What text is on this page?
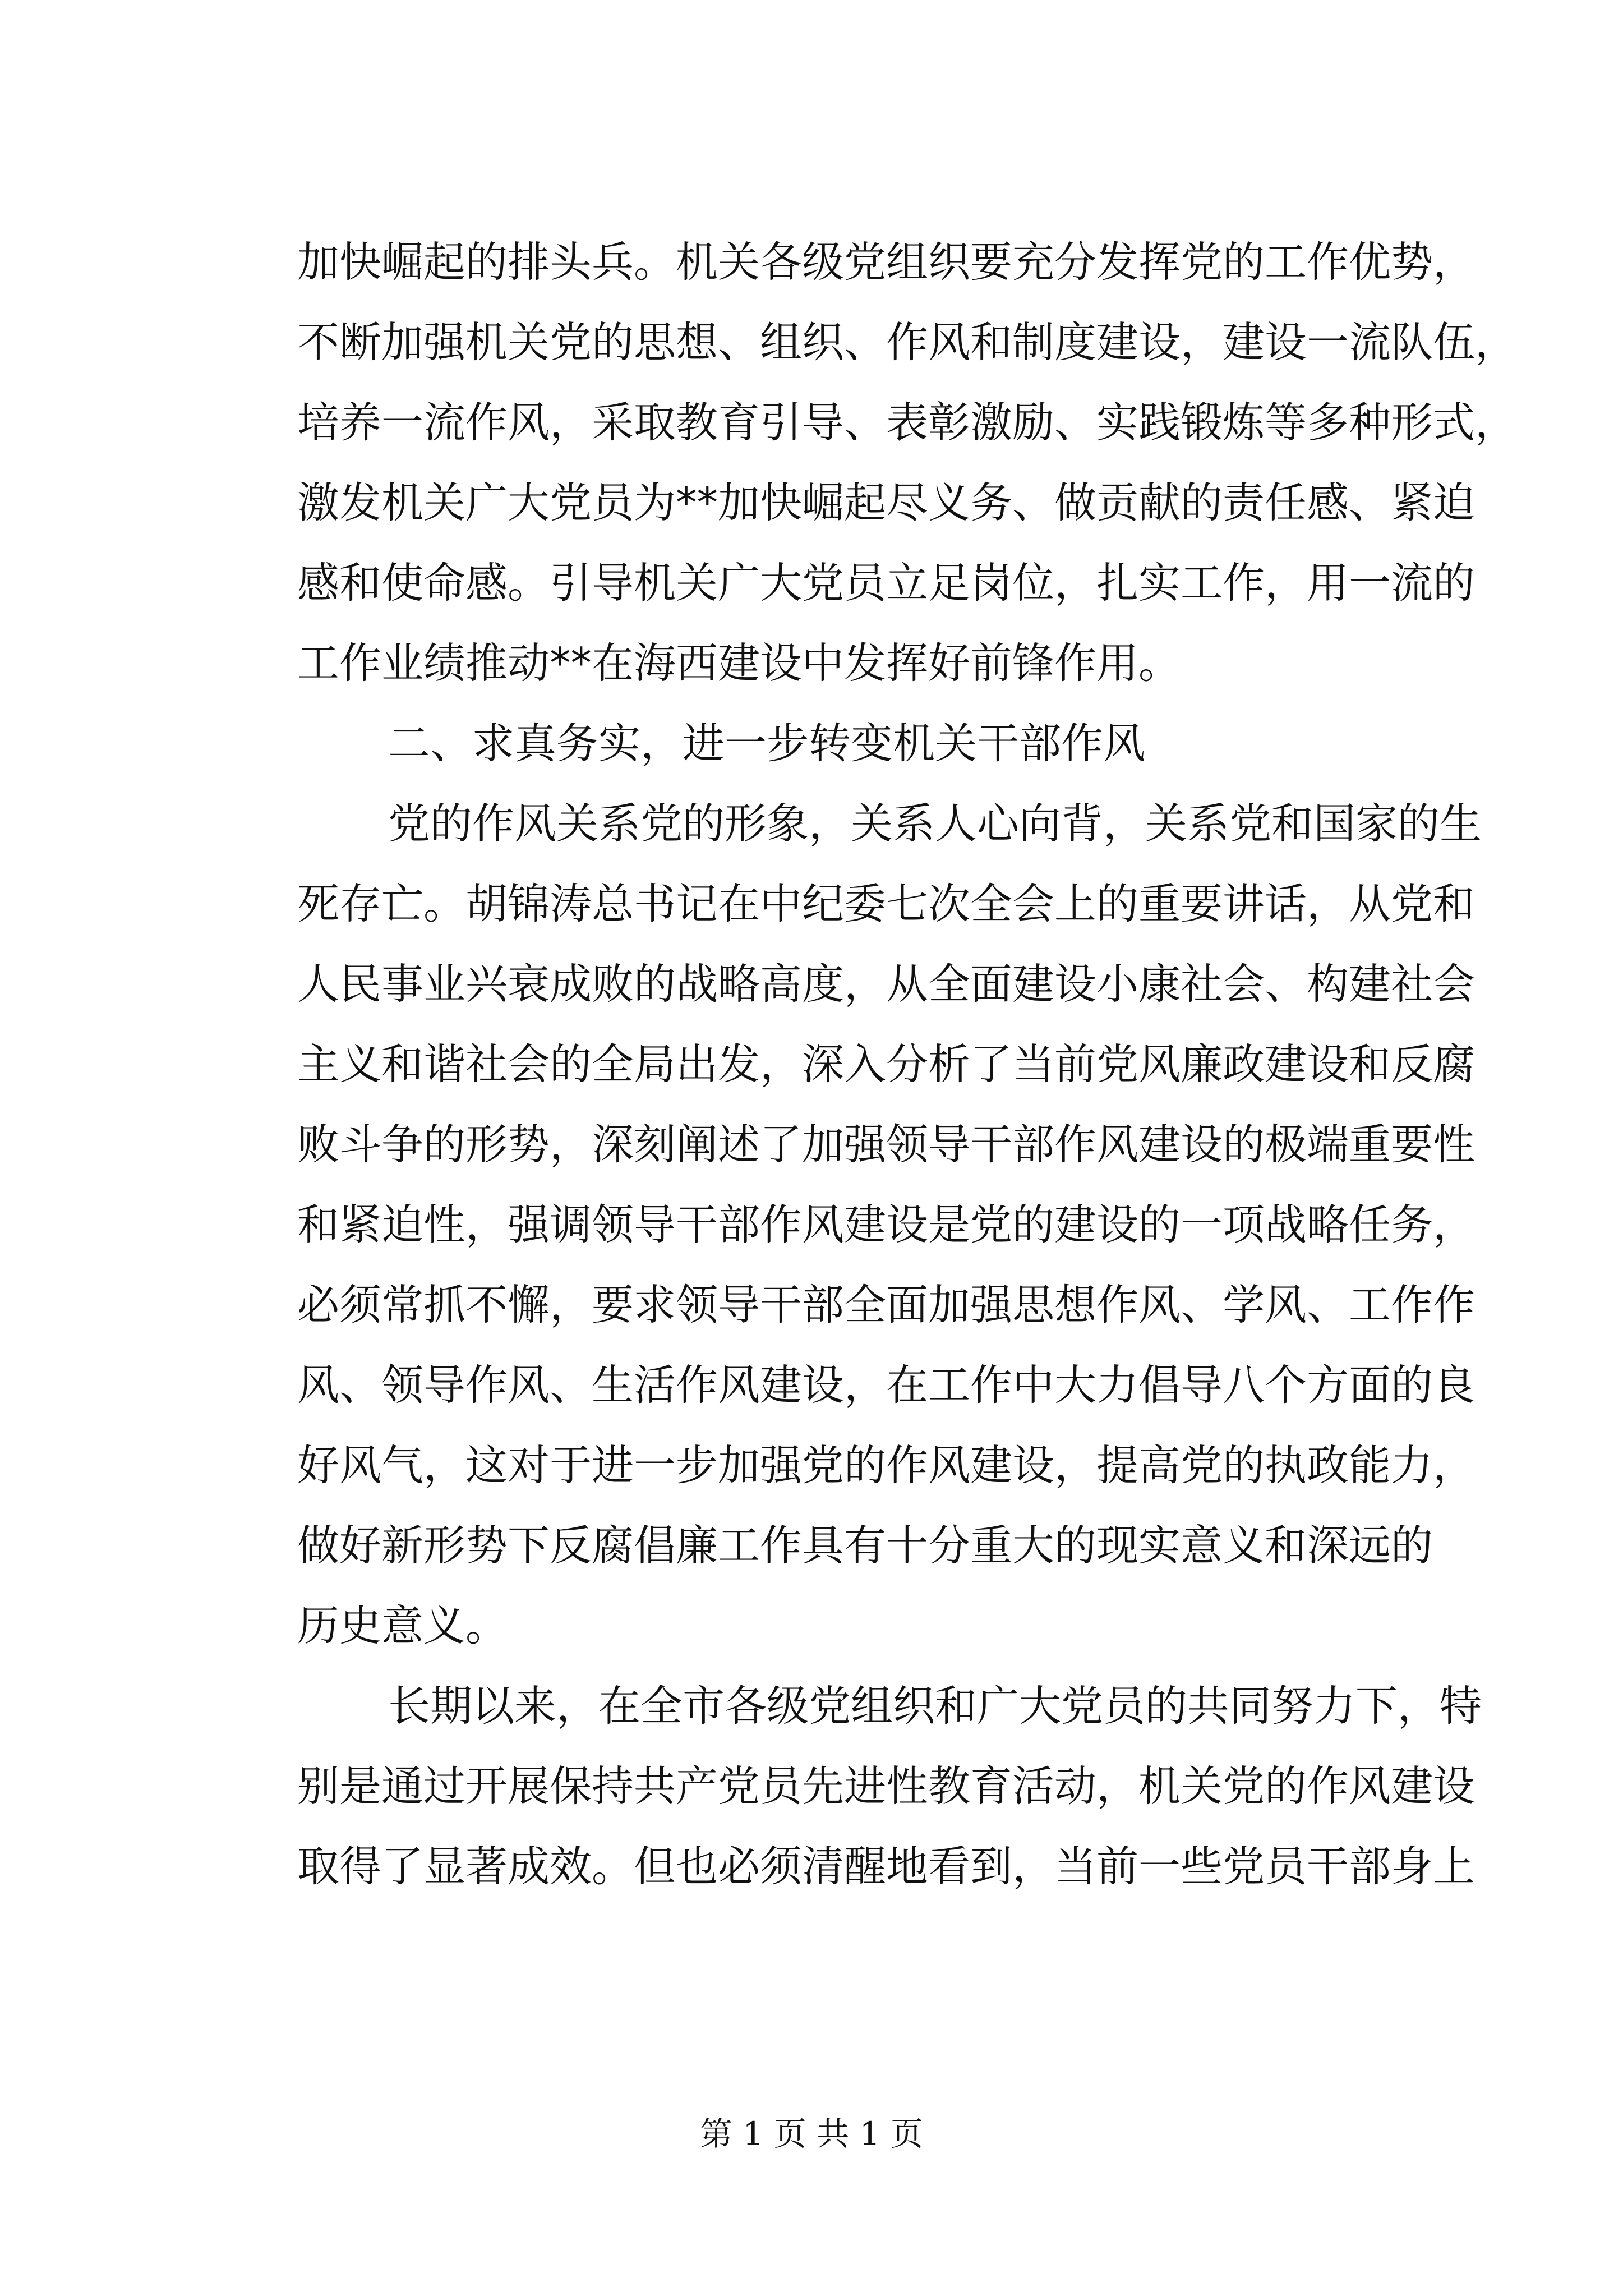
加快崛起的排头兵。机关各级党组织要充分发挥党的工作优势，
不断加强机关党的思想、组织、作风和制度建设，建设一流队伍，
培养一流作风，采取教育引导、表彰激励、实践锻炼等多种形式，
激发机关广大党员为**加快崛起尽义务、做贡献的责任感、紧迫
感和使命感。引导机关广大党员立足岗位，扎实工作，用一流的
工作业绩推动**在海西建设中发挥好前锋作用。
二、求真务实，进一步转变机关干部作风
党的作风关系党的形象，关系人心向背，关系党和国家的生
死存亡。胡锦涛总书记在中纪委七次全会上的重要讲话，从党和
人民事业兴衰成败的战略高度，从全面建设小康社会、构建社会
主义和谐社会的全局出发，深入分析了当前党风廉政建设和反腐
败斗争的形势，深刻阐述了加强领导干部作风建设的极端重要性
和紧迫性，强调领导干部作风建设是党的建设的一项战略任务，
必须常抓不懈，要求领导干部全面加强思想作风、学风、工作作
风、领导作风、生活作风建设，在工作中大力倡导八个方面的良
好风气，这对于进一步加强党的作风建设，提高党的执政能力，
做好新形势下反腐倡廉工作具有十分重大的现实意义和深远的
历史意义。
长期以来，在全市各级党组织和广大党员的共同努力下，特
别是通过开展保持共产党员先进性教育活动，机关党的作风建设
取得了显著成效。但也必须清醒地看到，当前一些党员干部身上
第 1 页 共 1 页
